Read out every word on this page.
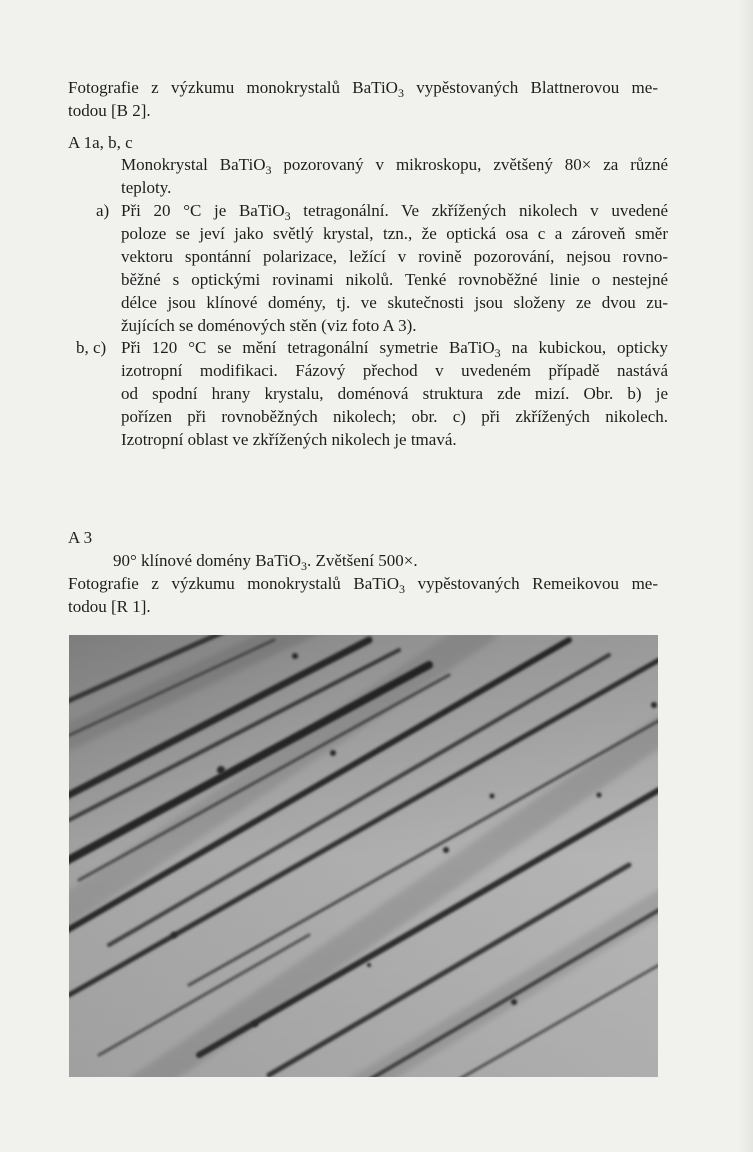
Fotografie z výzkumu monokrystalů BaTiO$_3$ vypěstovaných Blattnerovou me-

todou [B 2].

A 1a, b, c

Monokrystal BaTiO$_3$ pozorovaný v mikroskopu, zvětšený 80× za různé

teploty.

a) Při 20 °C je BaTiO$_3$ tetragonální. Ve zkřížených nikolech v uvedené
poloze se jeví jako světlý krystal, tzn., že optická osa c a zároveň směr
vektoru spontánní polarizace, ležící v rovině pozorování, nejsou rovno-
běžné s optickými rovinami nikolů. Tenké rovnoběžné linie o nestejné
délce jsou klínové domény, tj. ve skutečnosti jsou složeny ze dvou zu-
žujících se doménových stěn (viz foto A 3).

b, c) Při 120 °C se mění tetragonální symetrie BaTiO$_3$ na kubickou, opticky
izotropní modifikaci. Fázový přechod v uvedeném případě nastává
od spodní hrany krystalu, doménová struktura zde mizí. Obr. b) je
pořízen při rovnoběžných nikolech; obr. c) při zkřížených nikolech.
Izotropní oblast ve zkřížených nikolech je tmavá.

A 3

90° klínové domény BaTiO$_3$. Zvětšení 500×.

Fotografie z výzkumu monokrystalů BaTiO$_3$ vypěstovaných Remeikovou me-

todou [R 1].
